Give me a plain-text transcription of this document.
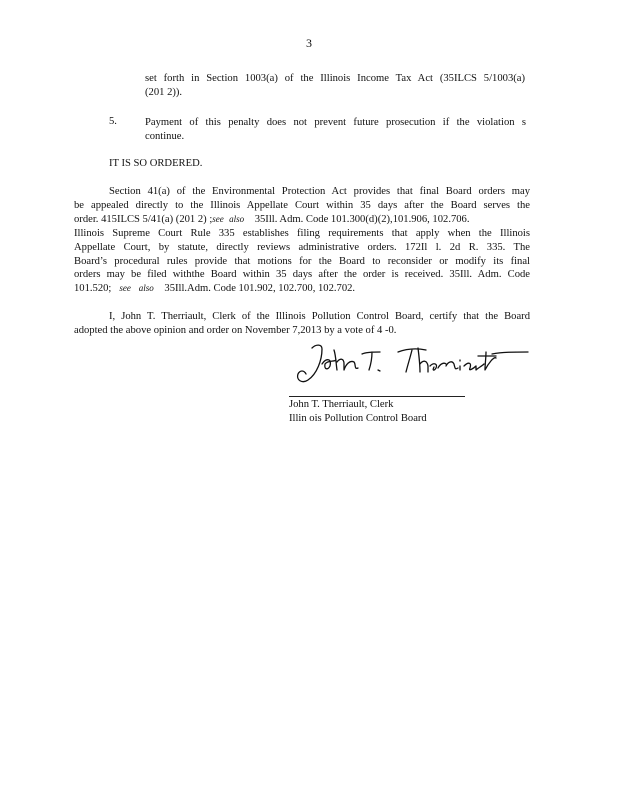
3

set forth in Section 1003(a) of the Illinois Income Tax Act (35ILCS 5/1003(a)

(201 2)).

5.	Payment of this penalty does not prevent future prosecution if the violation s

continue.

IT IS SO ORDERED.

Section 41(a) of the Environmental Protection Act provides that final Board orders may

be appealed directly to the Illinois Appellate Court within 35 days after the Board serves the

order. 415ILCS 5/41(a) (201 2) ;see also 35Ill. Adm. Code 101.300(d)(2),101.906, 102.706.

Illinois Supreme Court Rule 335 establishes filing requirements that apply when the Illinois

Appellate Court, by statute, directly reviews administrative orders. 172Il l. 2d R. 335. The

Board’s procedural rules provide that motions for the Board to reconsider or modify its final

orders may be filed withthe Board within 35 days after the order is received. 35Ill. Adm. Code

101.520; see also 35Ill.Adm. Code 101.902, 102.700, 102.702.

I, John T. Therriault, Clerk of the Illinois Pollution Control Board, certify that the Board

adopted the above opinion and order on November 7,2013 by a vote of 4 -0.

John T. Therriault, Clerk
Illin ois Pollution Control Board
